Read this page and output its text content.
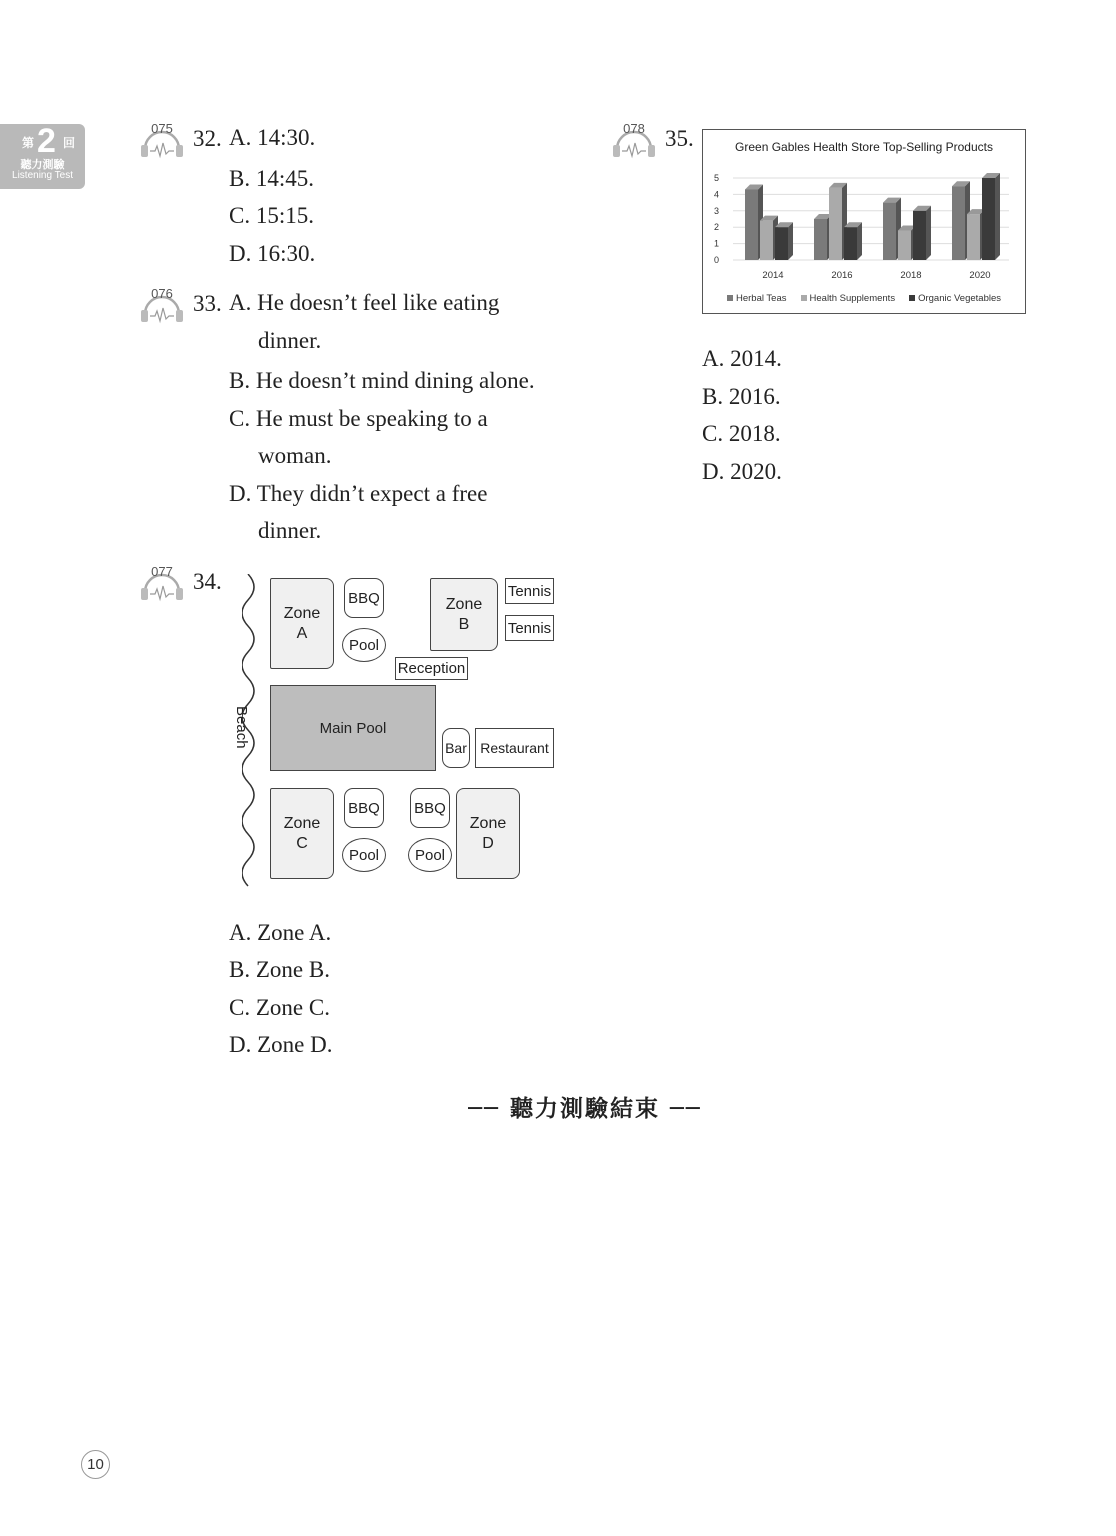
第 2 回
聽力測驗
Listening Test
075
076
077
078
32. A. 14:30.
B. 14:45.
C. 15:15.
D. 16:30.
33. A. He doesn’t feel like eating
dinner.
B. He doesn’t mind dining alone.
C. He must be speaking to a
woman.
D. They didn’t expect a free
dinner.
34.
Beach
Zone
A
BBQ
Pool
Zone
B
Tennis
Tennis
Reception
Main Pool
Bar Restaurant
Zone
C
BBQ
Pool
BBQ
Pool
Zone
D
A. Zone A.
B. Zone B.
C. Zone C.
D. Zone D.
35.	Green Gables Health Store Top-Selling Products
0
1
2
3
4
5
2014	2016	2018	2020
Herbal Teas	Health Supplements	Organic Vegetables
A. 2014.
B. 2016.
C. 2018.
D. 2020.
── 聽力測驗結束 ──
10
